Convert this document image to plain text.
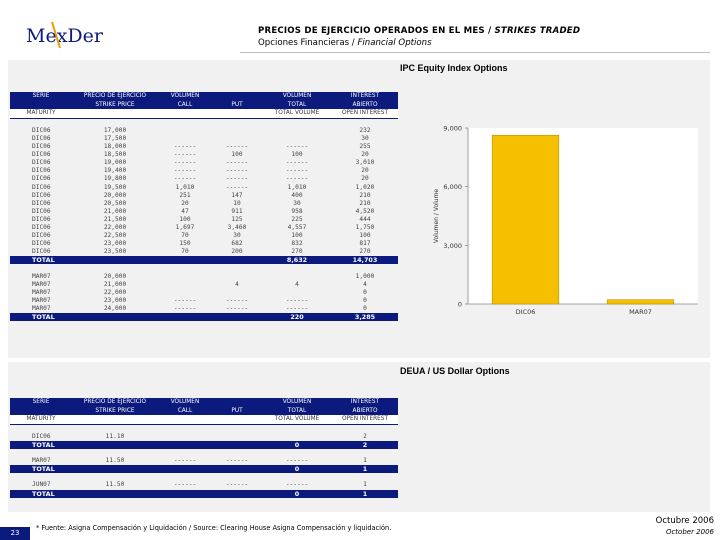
MexDer	PRECIOS DE EJERCICIO OPERADOS EN EL MES / STRIKES TRADED
Opciones Financieras / Financial Options
IPC Equity Index Options
SERIE	PRECIO DE EJERCICIO	VOLUMEN		VOLUMEN	INTEREST
	STRIKE PRICE	CALL	PUT	TOTAL	ABIERTO
MATURITY				TOTAL VOLUME	OPEN INTEREST

DIC06	17,000				232
DIC06	17,500				30
DIC06	18,000	------	------	------	255
DIC06	18,500	------	100	100	20
DIC06	19,000	------	------	------	3,010
DIC06	19,400	------	------	------	20
DIC06	19,800	------	------	------	20
DIC06	19,500	1,010	------	1,010	1,020
DIC06	20,000	251	147	400	210
DIC06	20,500	20	10	30	210
DIC06	21,000	47	911	958	4,520
DIC06	21,500	100	125	225	444
DIC06	22,000	1,697	3,460	4,557	1,750
DIC06	22,500	70	30	100	100
DIC06	23,000	150	682	832	817
DIC06	23,500	70	200	270	270
TOTAL				8,632	14,703

MAR07	20,000				1,000
MAR07	21,000		4	4	4
MAR07	22,000				0
MAR07	23,000	------	------	------	0
MAR07	24,000	------	------	------	0
TOTAL				220	3,285
0
3,000
6,000
9,000
DIC06	MAR07
Volumen / Volume
DEUA / US Dollar Options
SERIE	PRECIO DE EJERCICIO	VOLUMEN		VOLUMEN	INTEREST
	STRIKE PRICE	CALL	PUT	TOTAL	ABIERTO
MATURITY				TOTAL VOLUME	OPEN INTEREST

DIC06	11.10				2
TOTAL				0	2

MAR07	11.50	------	------	------	1
TOTAL				0	1

JUN07	11.50	------	------	------	1
TOTAL				0	1
* Fuente: Asigna Compensación y Liquidación / Source: Clearing House Asigna Compensación y liquidación.
23
Octubre 2006
October 2006
